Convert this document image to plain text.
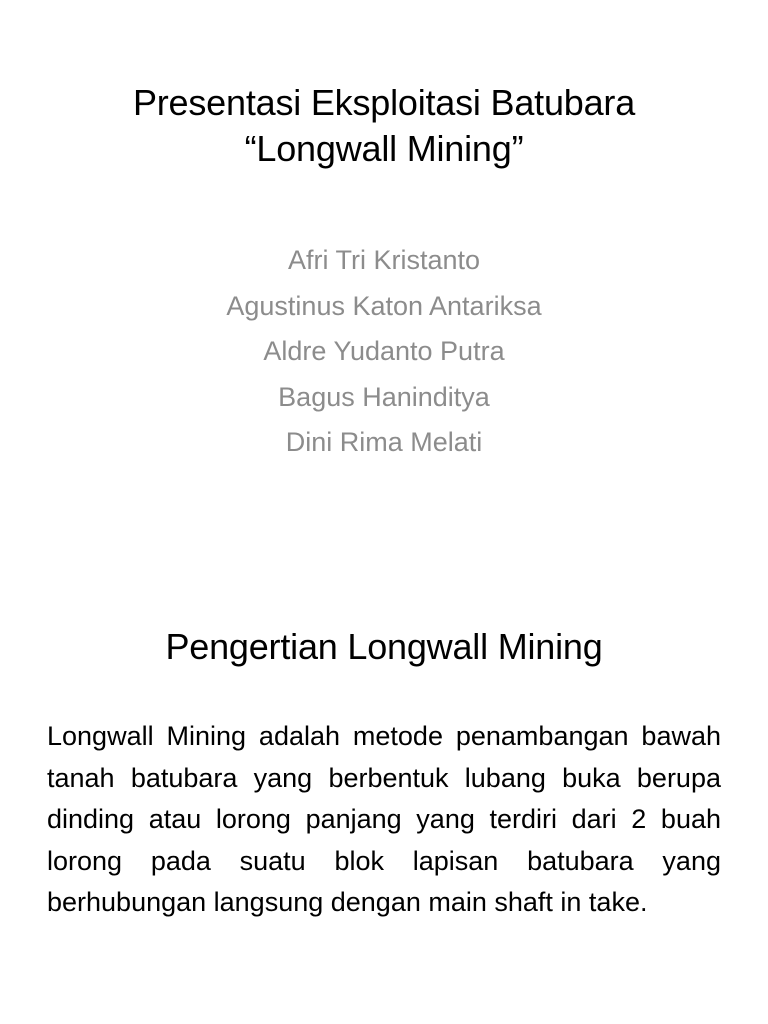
Presentasi Eksploitasi Batubara
“Longwall Mining”
Afri Tri Kristanto
Agustinus Katon Antariksa
Aldre Yudanto Putra
Bagus Haninditya
Dini Rima Melati
Pengertian Longwall Mining
Longwall Mining adalah metode penambangan bawah tanah batubara yang berbentuk lubang buka berupa dinding atau lorong panjang yang terdiri dari 2 buah lorong pada suatu blok lapisan batubara yang berhubungan langsung dengan main shaft in take.
